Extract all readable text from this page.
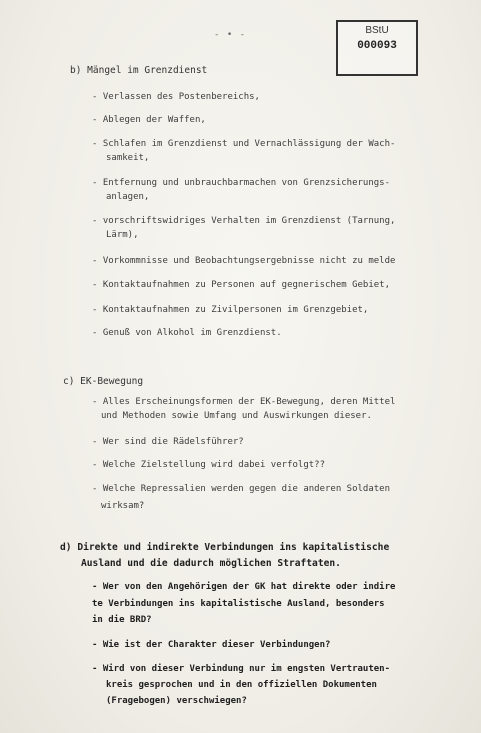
- • -	BStU
000093
b) Mängel im Grenzdienst
- Verlassen des Postenbereichs,
- Ablegen der Waffen,
- Schlafen im Grenzdienst und Vernachlässigung der Wach-
samkeit,
- Entfernung und unbrauchbarmachen von Grenzsicherungs-
anlagen,
- vorschriftswidriges Verhalten im Grenzdienst (Tarnung,
Lärm),
- Vorkommnisse und Beobachtungsergebnisse nicht zu melde
- Kontaktaufnahmen zu Personen auf gegnerischem Gebiet,
- Kontaktaufnahmen zu Zivilpersonen im Grenzgebiet,
- Genuß von Alkohol im Grenzdienst.
c) EK-Bewegung
- Alles Erscheinungsformen der EK-Bewegung, deren Mittel
und Methoden sowie Umfang und Auswirkungen dieser.
- Wer sind die Rädelsführer?
- Welche Zielstellung wird dabei verfolgt??
- Welche Repressalien werden gegen die anderen Soldaten
wirksam?
d) Direkte und indirekte Verbindungen ins kapitalistische
Ausland und die dadurch möglichen Straftaten.
- Wer von den Angehörigen der GK hat direkte oder indire
te Verbindungen ins kapitalistische Ausland, besonders
in die BRD?
- Wie ist der Charakter dieser Verbindungen?
- Wird von dieser Verbindung nur im engsten Vertrauten-
kreis gesprochen und in den offiziellen Dokumenten
(Fragebogen) verschwiegen?
